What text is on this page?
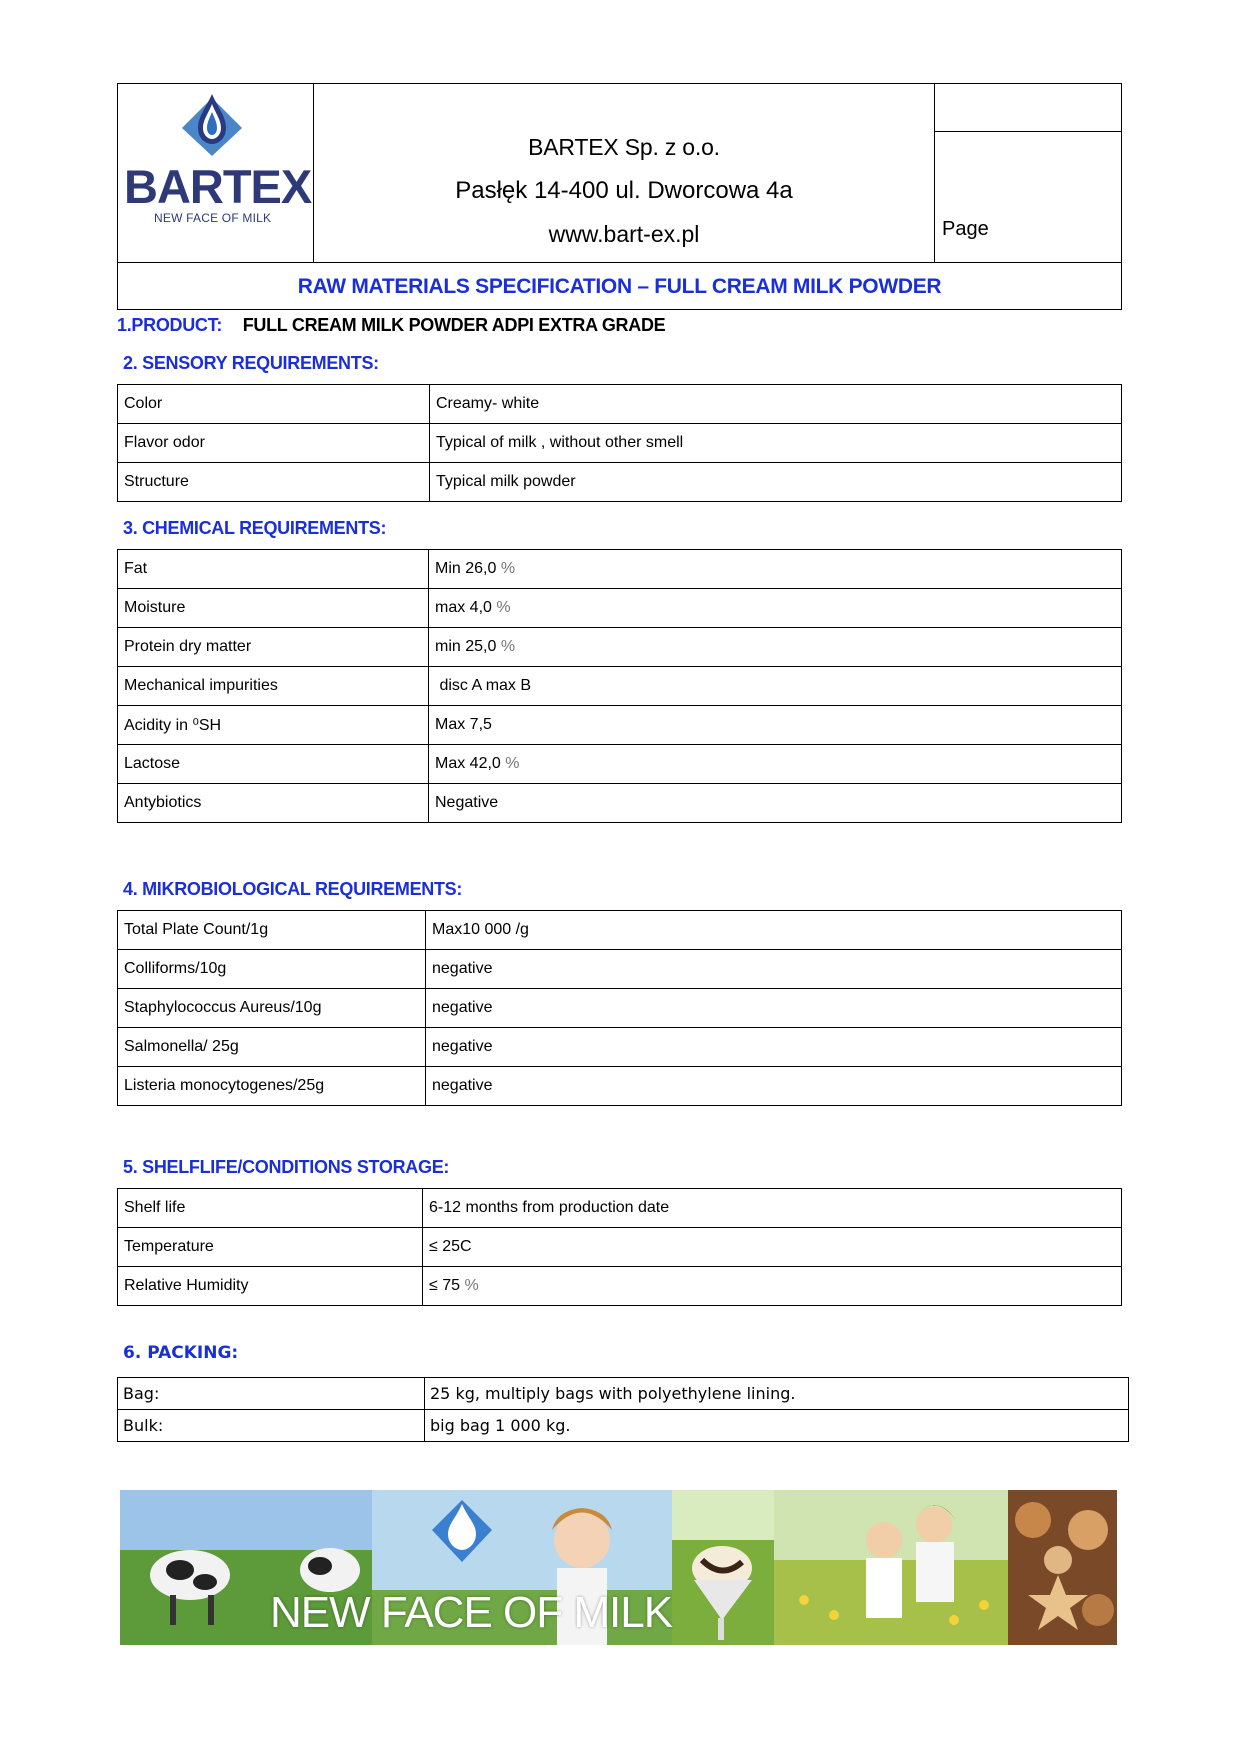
BARTEX
NEW FACE OF MILK
BARTEX Sp. z o.o.
Pasłęk 14-400 ul. Dworcowa 4a
www.bart-ex.pl	Page
RAW MATERIALS SPECIFICATION – FULL CREAM MILK POWDER
1.PRODUCT: FULL CREAM MILK POWDER ADPI EXTRA GRADE
2. SENSORY REQUIREMENTS:
Color	Creamy- white
Flavor odor	Typical of milk , without other smell
Structure	Typical milk powder
3. CHEMICAL REQUIREMENTS:
Fat	Min 26,0 %
Moisture	max 4,0 %
Protein dry matter	min 25,0 %
Mechanical impurities	disc A max B
Acidity in ⁰SH	Max 7,5
Lactose	Max 42,0 %
Antybiotics	Negative
4. MIKROBIOLOGICAL REQUIREMENTS:
Total Plate Count/1g	Max10 000 /g
Colliforms/10g	negative
Staphylococcus Aureus/10g	negative
Salmonella/ 25g	negative
Listeria monocytogenes/25g	negative
5. SHELFLIFE/CONDITIONS STORAGE:
Shelf life	6-12 months from production date
Temperature	≤ 25C
Relative Humidity	≤ 75 %
6. PACKING:
Bag:	25 kg, multiply bags with polyethylene lining.
Bulk:	big bag 1 000 kg.
NEW FACE OF MILK
